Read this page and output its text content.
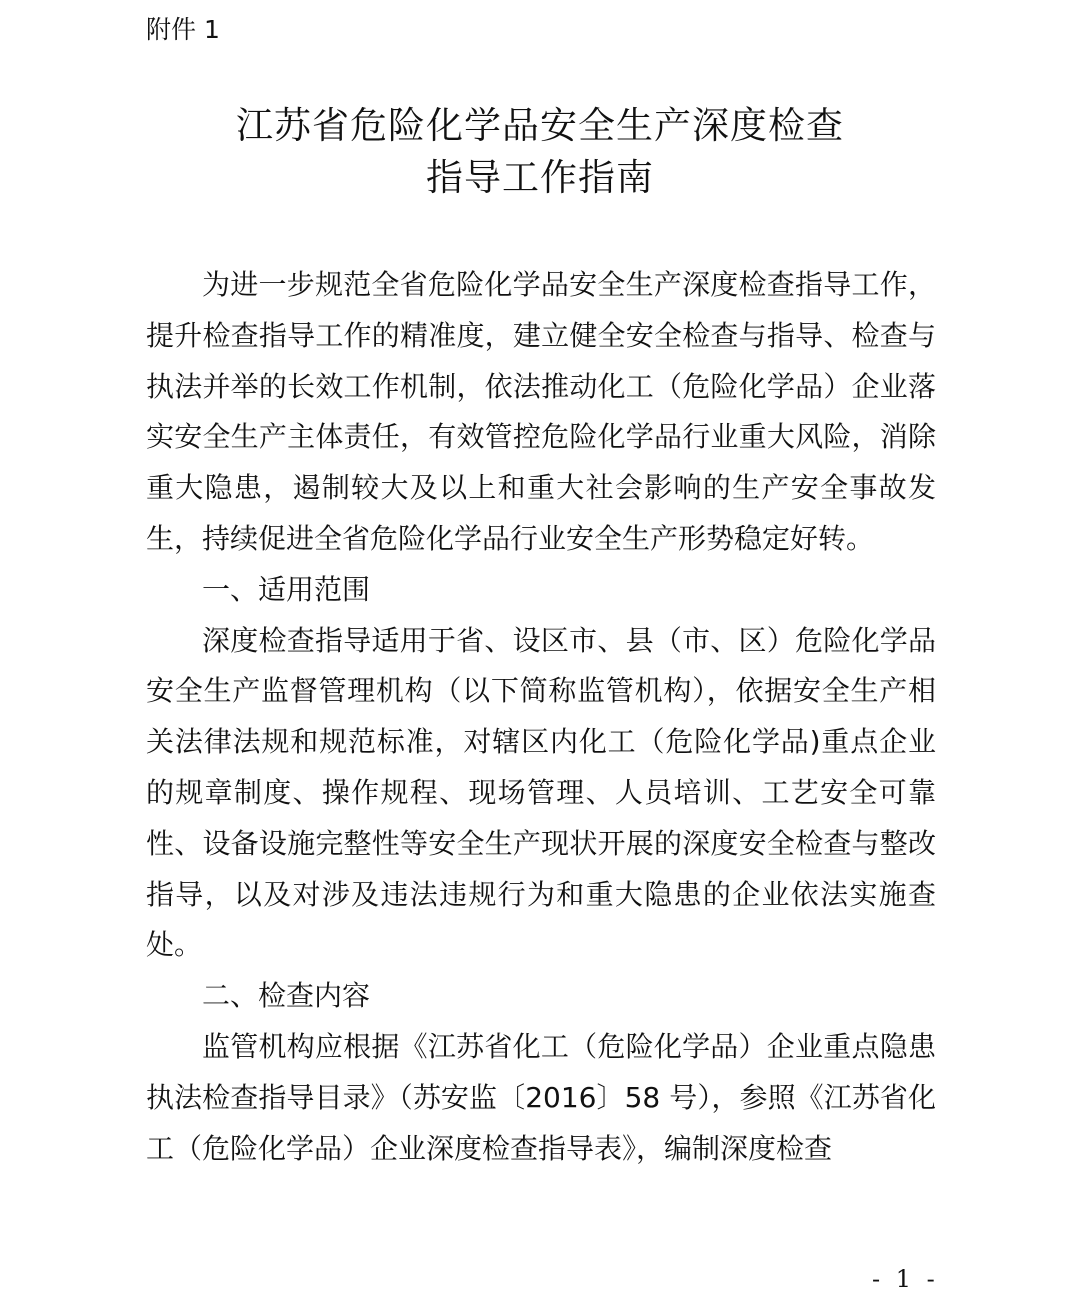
附件 1

江苏省危险化学品安全生产深度检查
指导工作指南

为进一步规范全省危险化学品安全生产深度检查指导工作，提升检查指导工作的精准度，建立健全安全检查与指导、检查与执法并举的长效工作机制，依法推动化工（危险化学品）企业落实安全生产主体责任，有效管控危险化学品行业重大风险，消除重大隐患，遏制较大及以上和重大社会影响的生产安全事故发生，持续促进全省危险化学品行业安全生产形势稳定好转。

一、适用范围

深度检查指导适用于省、设区市、县（市、区）危险化学品安全生产监督管理机构（以下简称监管机构），依据安全生产相关法律法规和规范标准，对辖区内化工（危险化学品)重点企业的规章制度、操作规程、现场管理、人员培训、工艺安全可靠性、设备设施完整性等安全生产现状开展的深度安全检查与整改指导，以及对涉及违法违规行为和重大隐患的企业依法实施查处。

二、检查内容

监管机构应根据《江苏省化工（危险化学品）企业重点隐患执法检查指导目录》（苏安监〔2016〕58 号），参照《江苏省化工（危险化学品）企业深度检查指导表》，编制深度检查

- 1 -
